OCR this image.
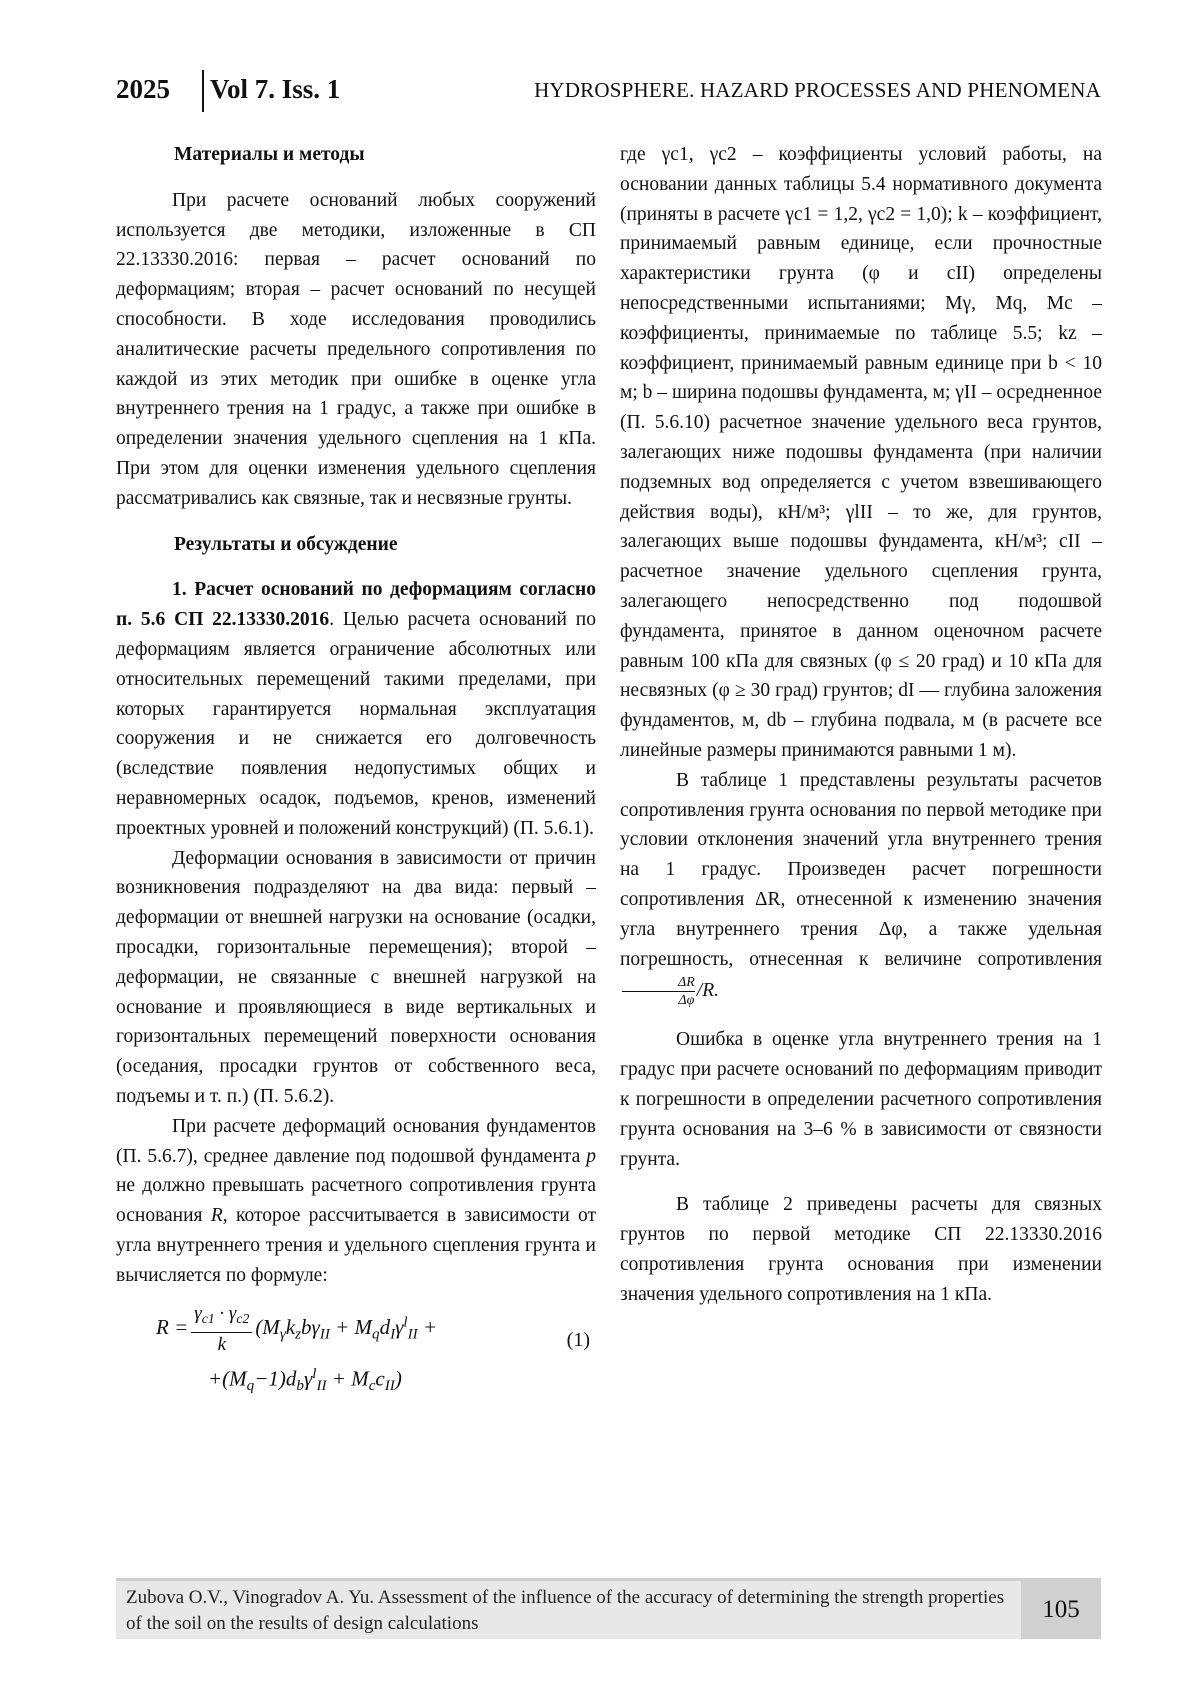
2025 Vol 7. Iss. 1	HYDROSPHERE. HAZARD PROCESSES AND PHENOMENA

Материалы и методы

При расчете оснований любых сооружений используется две методики, изложенные в СП 22.13330.2016: первая – расчет оснований по деформациям; вторая – расчет оснований по несущей способности. В ходе исследования проводились аналитические расчеты предельного сопротивления по каждой из этих методик при ошибке в оценке угла внутреннего трения на 1 градус, а также при ошибке в определении значения удельного сцепления на 1 кПа. При этом для оценки изменения удельного сцепления рассматривались как связные, так и несвязные грунты.

Результаты и обсуждение

1. Расчет оснований по деформациям согласно п. 5.6 СП 22.13330.2016. Целью расчета оснований по деформациям является ограничение абсолютных или относительных перемещений такими пределами, при которых гарантируется нормальная эксплуатация сооружения и не снижается его долговечность (вследствие появления недопустимых общих и неравномерных осадок, подъемов, кренов, изменений проектных уровней и положений конструкций) (П. 5.6.1).

Деформации основания в зависимости от причин возникновения подразделяют на два вида: первый – деформации от внешней нагрузки на основание (осадки, просадки, горизонтальные перемещения); второй – деформации, не связанные с внешней нагрузкой на основание и проявляющиеся в виде вертикальных и горизонтальных перемещений поверхности основания (оседания, просадки грунтов от собственного веса, подъемы и т. п.) (П. 5.6.2).

При расчете деформаций основания фундаментов (П. 5.6.7), среднее давление под подошвой фундамента p не должно превышать расчетного сопротивления грунта основания R, которое рассчитывается в зависимости от угла внутреннего трения и удельного сцепления грунта и вычисляется по формуле:

$R = \frac{\gamma_{c1} \cdot \gamma_{c2}}{k} (M_\gamma k_zb\gamma_{II} + M_qd_I\gamma^l_{II}$ +
$+(M_q-1)d_b\gamma^l_{II} + M_cc_{II}$)
(1)

где γc1, γc2 – коэффициенты условий работы, на основании данных таблицы 5.4 нормативного документа (приняты в расчете γc1 = 1,2, γc2 = 1,0); k – коэффициент, принимаемый равным единице, если прочностные характеристики грунта (φ и cII) определены непосредственными испытаниями; Mγ, Mq, Mc – коэффициенты, принимаемые по таблице 5.5; kz – коэффициент, принимаемый равным единице при b < 10 м; b – ширина подошвы фундамента, м; γII – осредненное (П. 5.6.10) расчетное значение удельного веса грунтов, залегающих ниже подошвы фундамента (при наличии подземных вод определяется с учетом взвешивающего действия воды), кН/м³; γlII – то же, для грунтов, залегающих выше подошвы фундамента, кН/м³; cII – расчетное значение удельного сцепления грунта, залегающего непосредственно под подошвой фундамента, принятое в данном оценочном расчете равным 100 кПа для связных (φ ≤ 20 град) и 10 кПа для несвязных (φ ≥ 30 град) грунтов; dI — глубина заложения фундаментов, м, db – глубина подвала, м (в расчете все линейные размеры принимаются равными 1 м).

В таблице 1 представлены результаты расчетов сопротивления грунта основания по первой методике при условии отклонения значений угла внутреннего трения на 1 градус. Произведен расчет погрешности сопротивления ΔR, отнесенной к изменению значения угла внутреннего трения Δφ, а также удельная погрешность, отнесенная к величине сопротивления
$\frac{\Delta R}{\Delta\varphi} /R$.

Ошибка в оценке угла внутреннего трения на 1 градус при расчете оснований по деформациям приводит к погрешности в определении расчетного сопротивления грунта основания на 3–6 % в зависимости от связности грунта.

В таблице 2 приведены расчеты для связных грунтов по первой методике СП 22.13330.2016 сопротивления грунта основания при изменении значения удельного сопротивления на 1 кПа.

Zubova O.V., Vinogradov A. Yu. Assessment of the influence of the accuracy of determining the strength properties of the soil on the results of design calculations
105
